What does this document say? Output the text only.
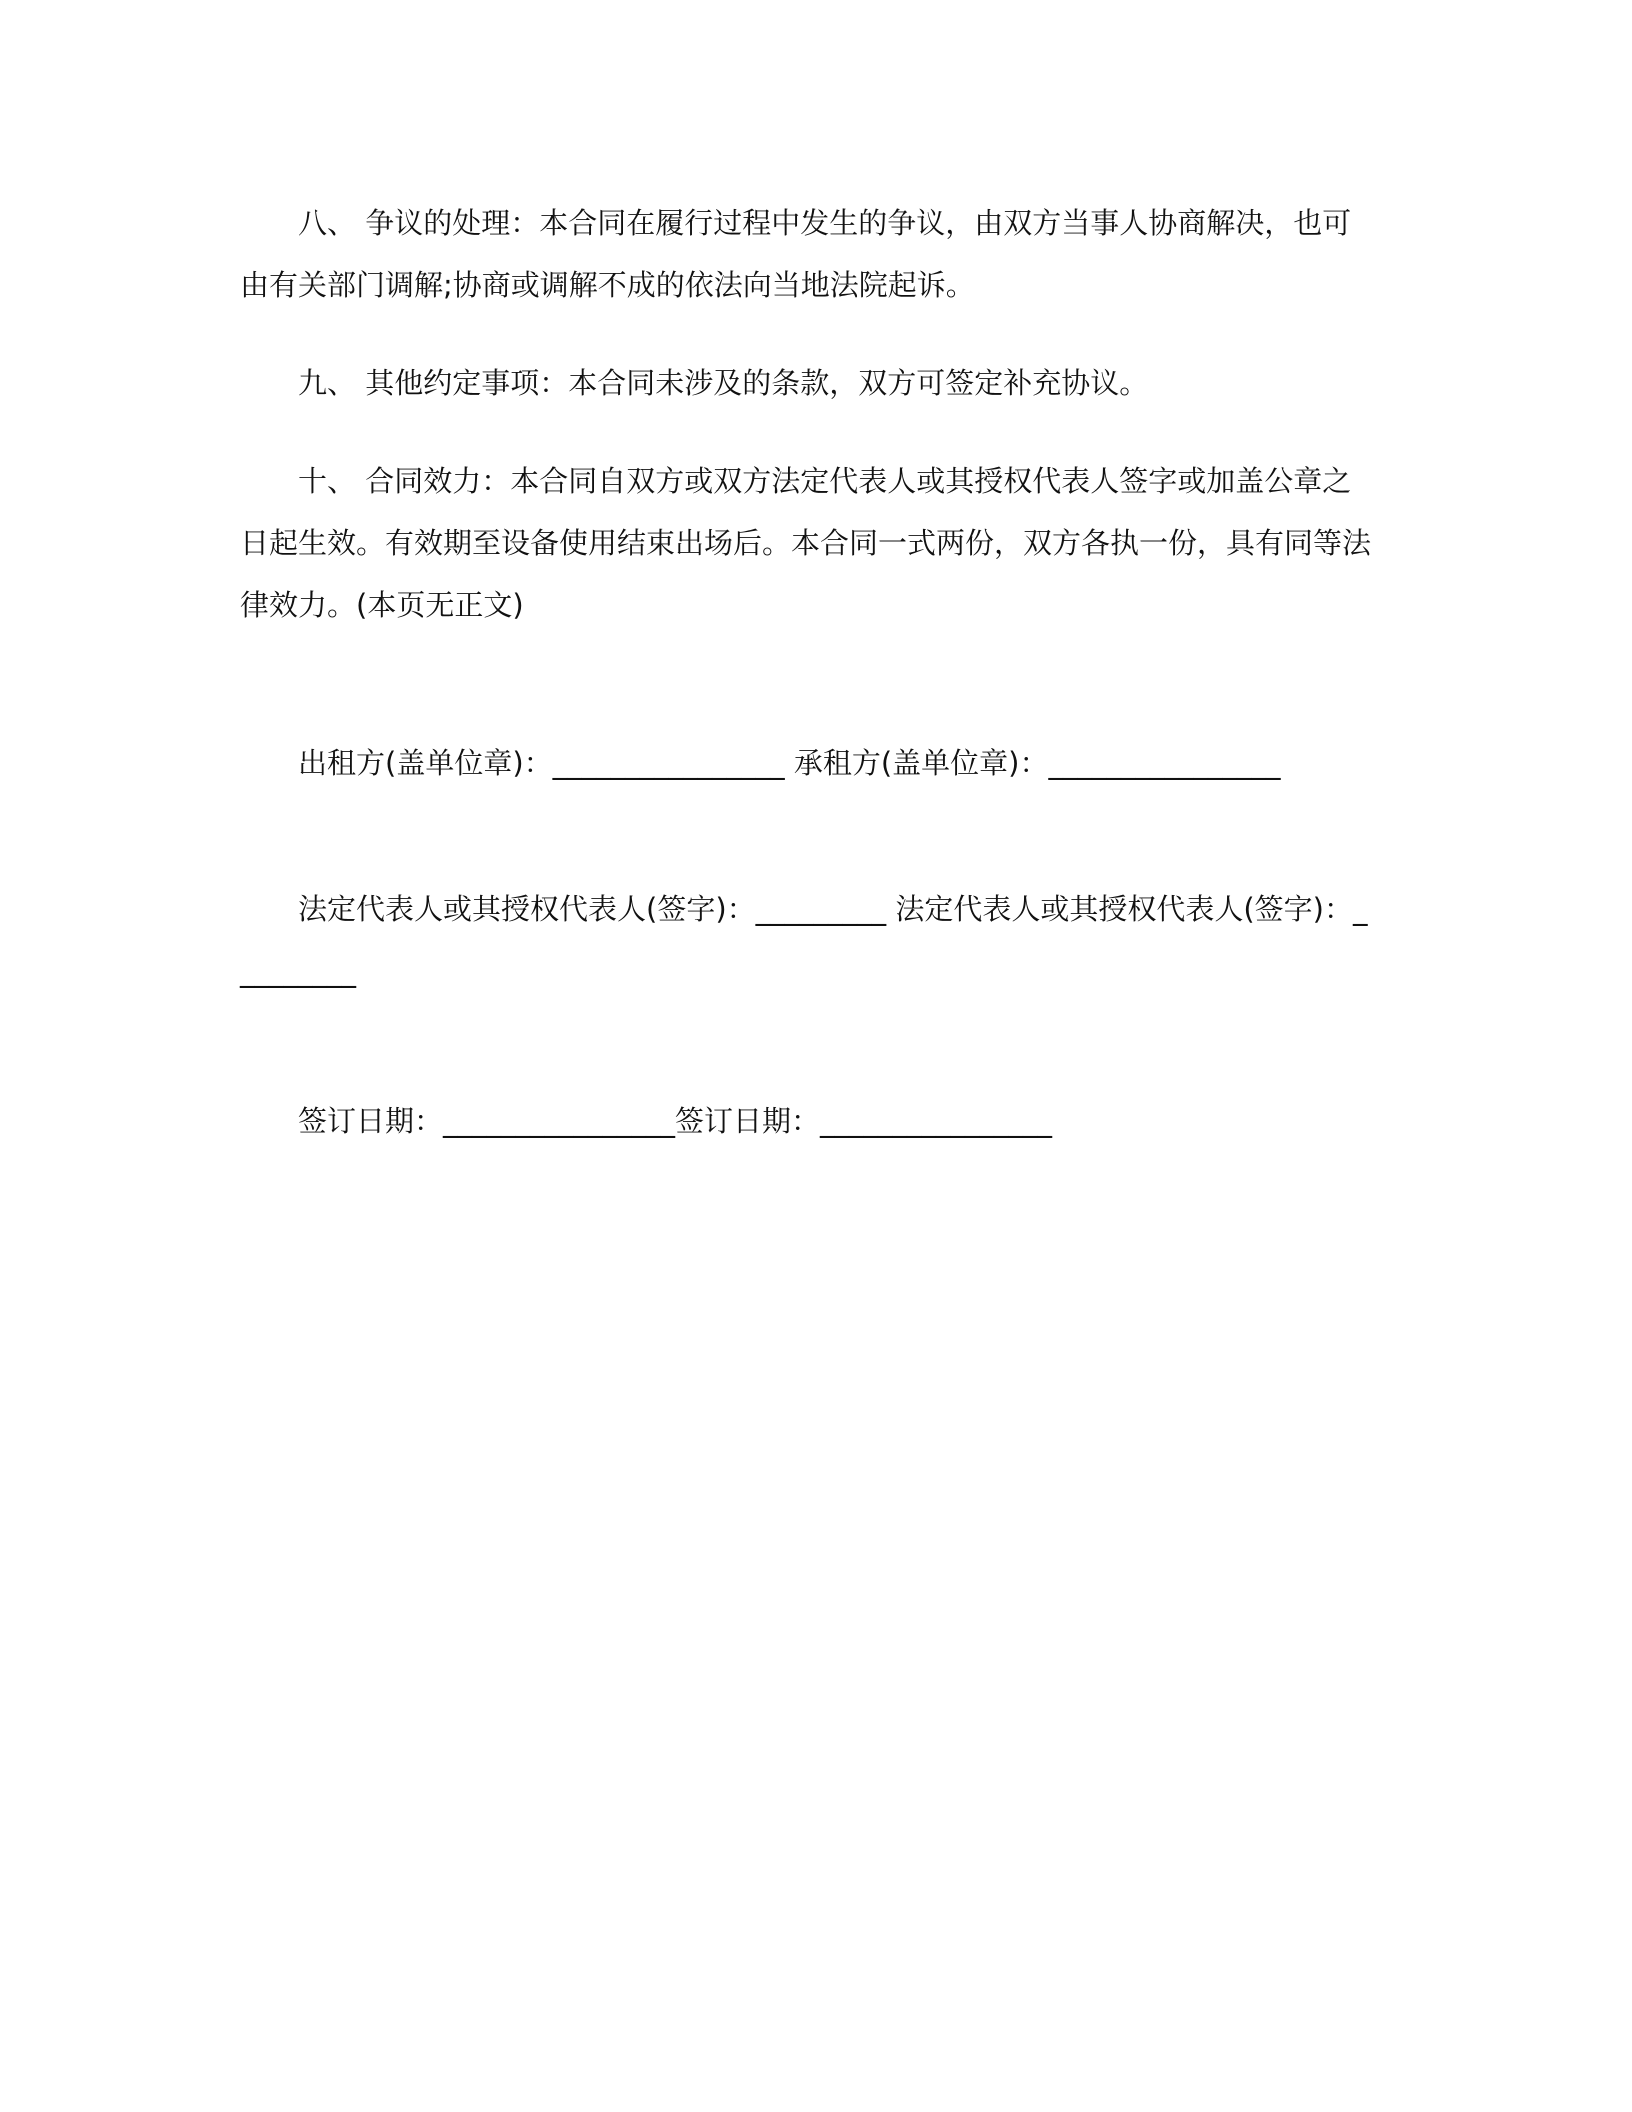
八、 争议的处理：本合同在履行过程中发生的争议，由双方当事人协商解决，也可由有关部门调解;协商或调解不成的依法向当地法院起诉。

九、 其他约定事项：本合同未涉及的条款，双方可签定补充协议。

十、 合同效力：本合同自双方或双方法定代表人或其授权代表人签字或加盖公章之日起生效。有效期至设备使用结束出场后。本合同一式两份，双方各执一份，具有同等法律效力。(本页无正文)

出租方(盖单位章)：________________ 承租方(盖单位章)：________________

法定代表人或其授权代表人(签字)：_________ 法定代表人或其授权代表人(签字)：_________

签订日期：________________签订日期：________________
